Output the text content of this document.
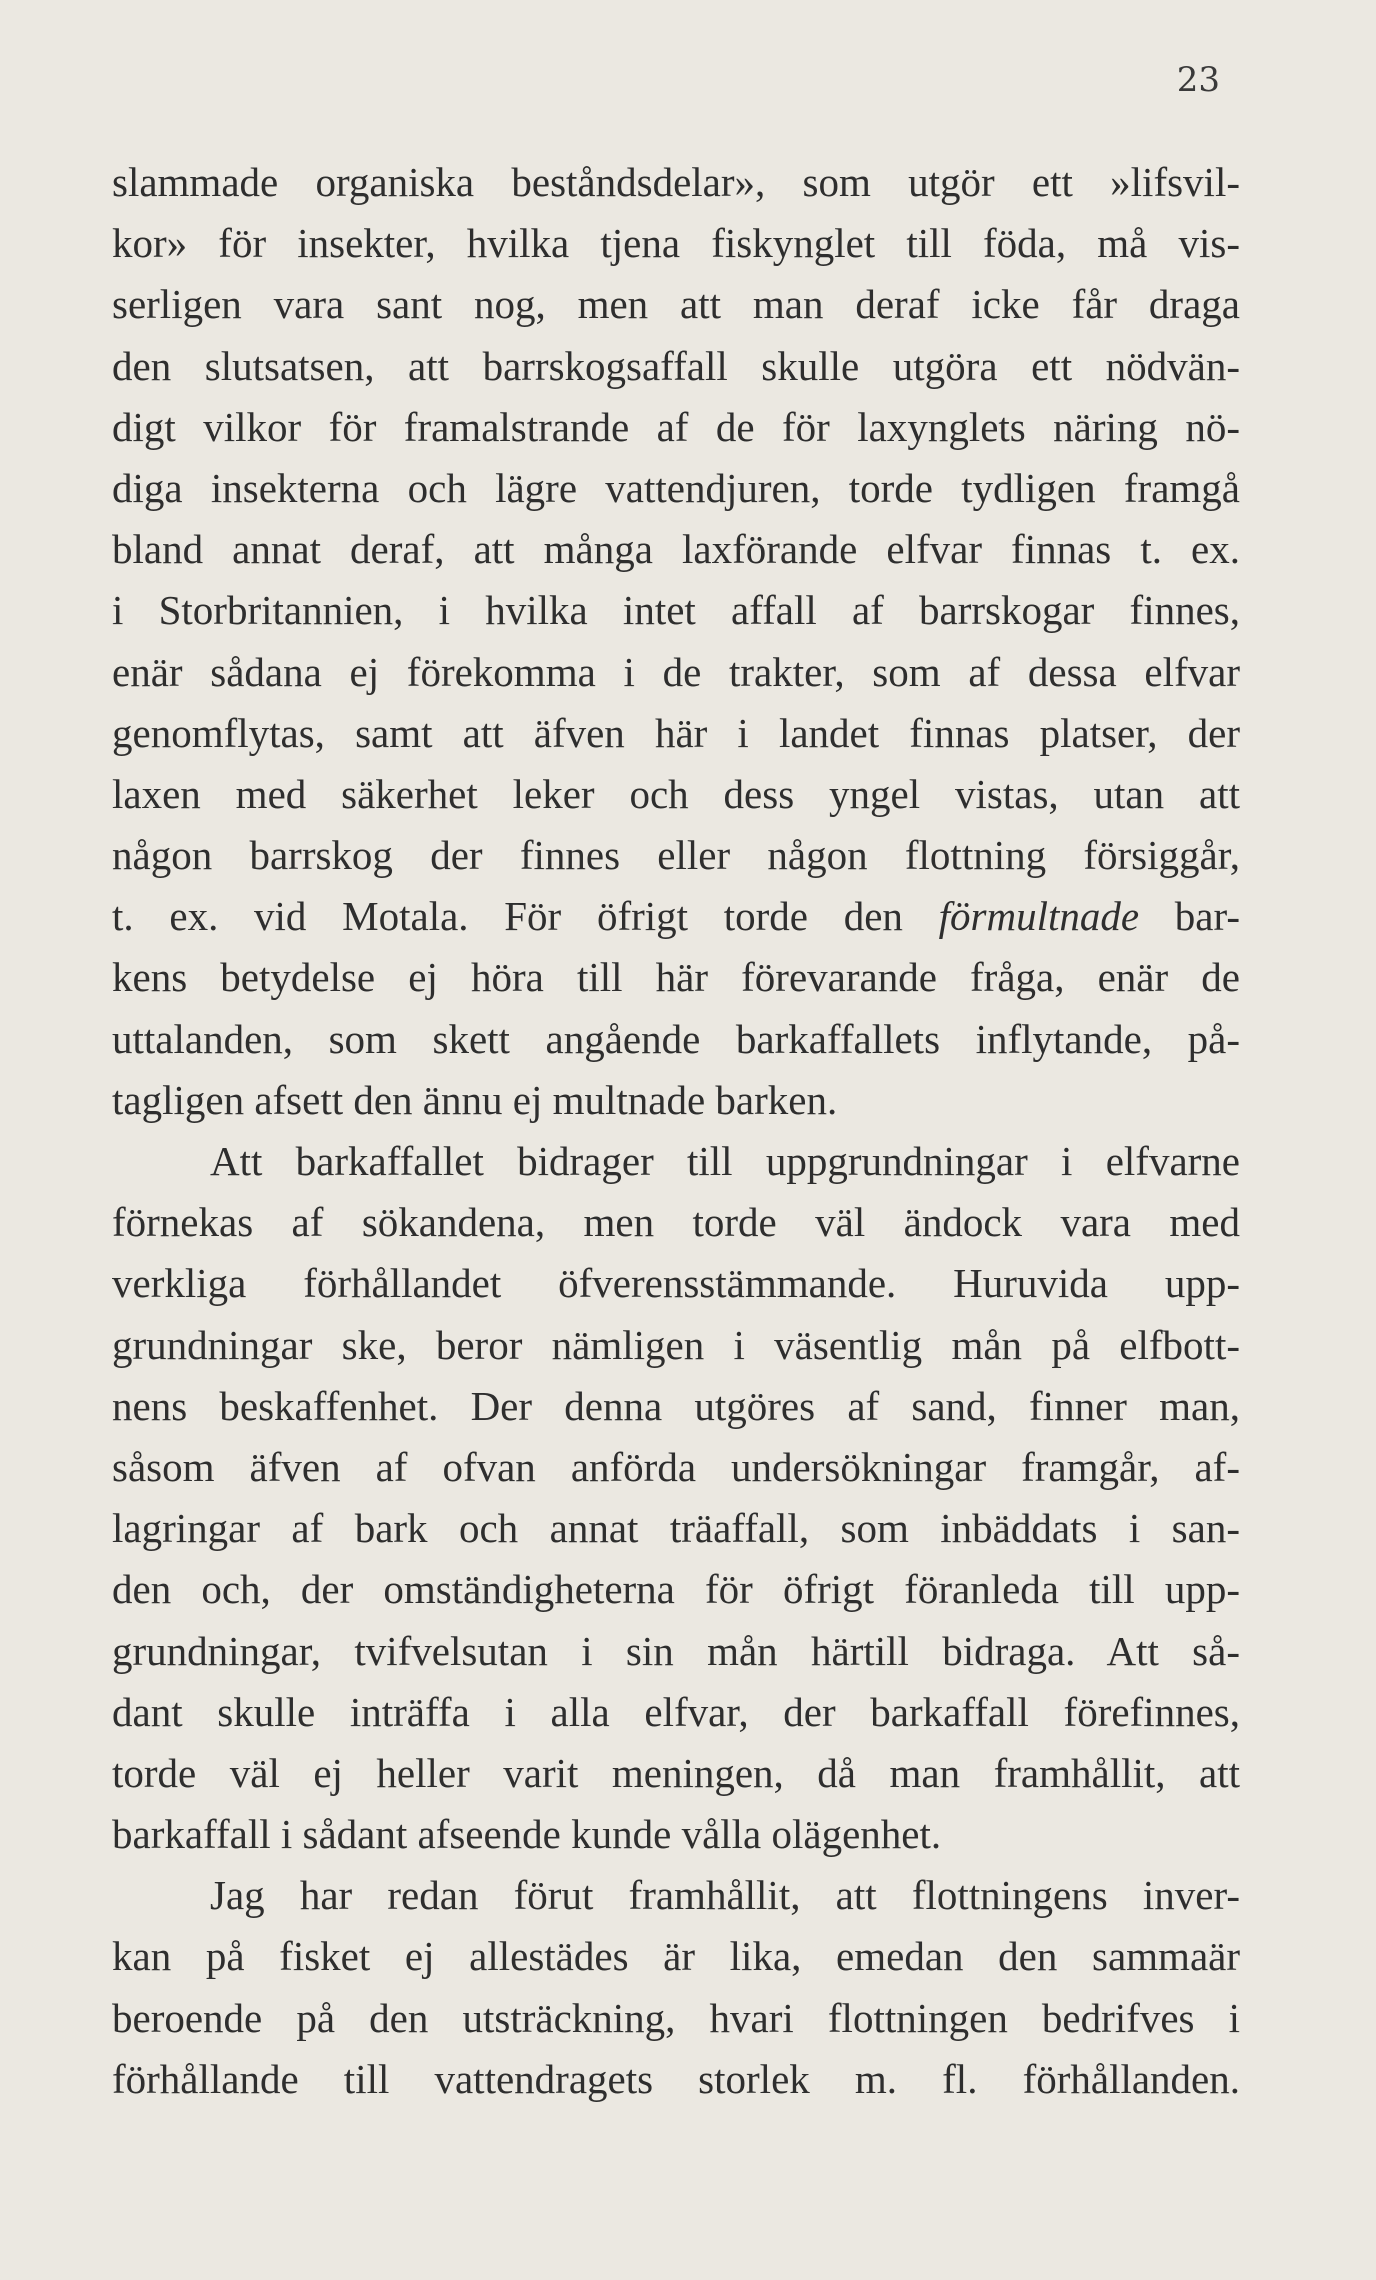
23
slammade organiska beståndsdelar», som utgör ett »lifsvil-
kor» för insekter, hvilka tjena fiskynglet till föda, må vis-
serligen vara sant nog, men att man deraf icke får draga
den slutsatsen, att barrskogsaffall skulle utgöra ett nödvän-
digt vilkor för framalstrande af de för laxynglets näring nö-
diga insekterna och lägre vattendjuren, torde tydligen framgå
bland annat deraf, att många laxförande elfvar finnas t. ex.
i Storbritannien, i hvilka intet affall af barrskogar finnes,
enär sådana ej förekomma i de trakter, som af dessa elfvar
genomflytas, samt att äfven här i landet finnas platser, der
laxen med säkerhet leker och dess yngel vistas, utan att
någon barrskog der finnes eller någon flottning försiggår,
t. ex. vid Motala. För öfrigt torde den förmultnade bar-
kens betydelse ej höra till här förevarande fråga, enär de
uttalanden, som skett angående barkaffallets inflytande, på-
tagligen afsett den ännu ej multnade barken.
Att barkaffallet bidrager till uppgrundningar i elfvarne
förnekas af sökandena, men torde väl ändock vara med
verkliga förhållandet öfverensstämmande. Huruvida upp-
grundningar ske, beror nämligen i väsentlig mån på elfbott-
nens beskaffenhet. Der denna utgöres af sand, finner man,
såsom äfven af ofvan anförda undersökningar framgår, af-
lagringar af bark och annat träaffall, som inbäddats i san-
den och, der omständigheterna för öfrigt föranleda till upp-
grundningar, tvifvelsutan i sin mån härtill bidraga. Att så-
dant skulle inträffa i alla elfvar, der barkaffall förefinnes,
torde väl ej heller varit meningen, då man framhållit, att
barkaffall i sådant afseende kunde vålla olägenhet.
Jag har redan förut framhållit, att flottningens inver-
kan på fisket ej allestädes är lika, emedan den sammaär
beroende på den utsträckning, hvari flottningen bedrifves i
förhållande till vattendragets storlek m. fl. förhållanden.
